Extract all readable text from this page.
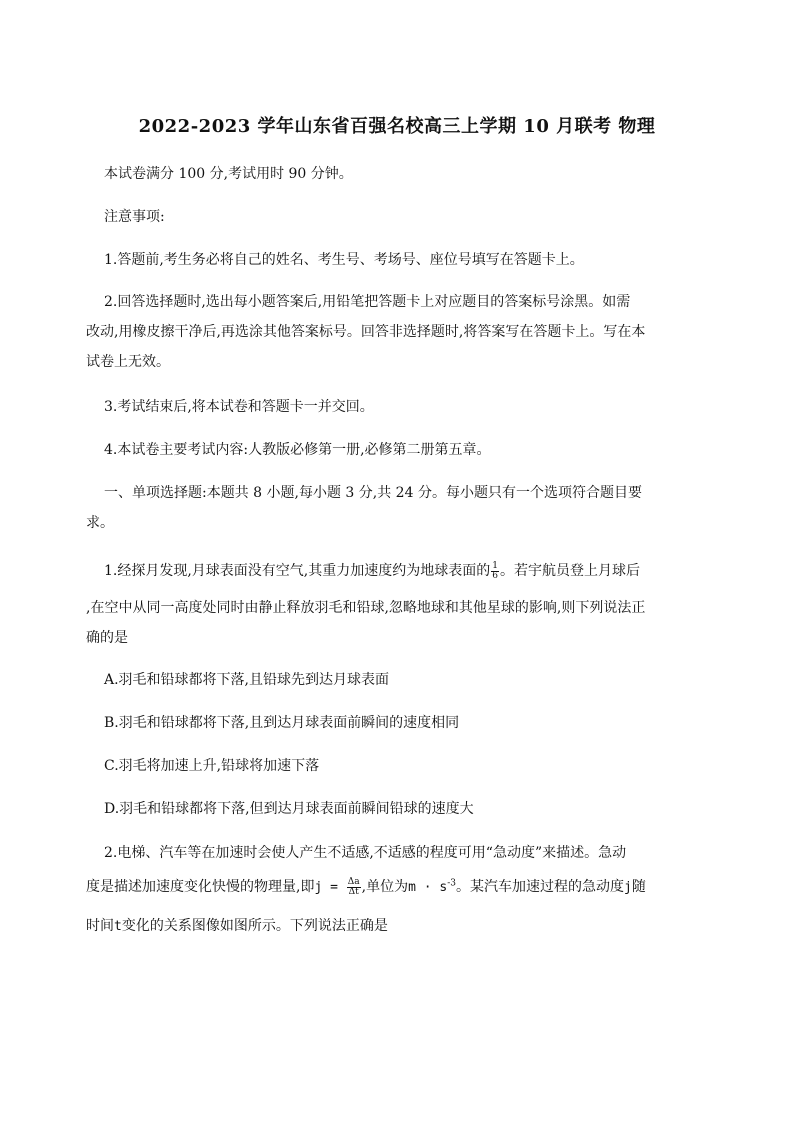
2022-2023 学年山东省百强名校高三上学期 10 月联考 物理
本试卷满分 100 分,考试用时 90 分钟。
注意事项:
1.答题前,考生务必将自己的姓名、考生号、考场号、座位号填写在答题卡上。
2.回答选择题时,选出每小题答案后,用铅笔把答题卡上对应题目的答案标号涂黑。如需
改动,用橡皮擦干净后,再选涂其他答案标号。回答非选择题时,将答案写在答题卡上。写在本
试卷上无效。
3.考试结束后,将本试卷和答题卡一并交回。
4.本试卷主要考试内容:人教版必修第一册,必修第二册第五章。
一、单项选择题:本题共 8 小题,每小题 3 分,共 24 分。每小题只有一个选项符合题目要
求。
1.经探月发现,月球表面没有空气,其重力加速度约为地球表面的 $\frac{1}{6}$ 。若宇航员登上月球后
,在空中从同一高度处同时由静止释放羽毛和铅球,忽略地球和其他星球的影响,则下列说法正
确的是
A.羽毛和铅球都将下落,且铅球先到达月球表面
B.羽毛和铅球都将下落,且到达月球表面前瞬间的速度相同
C.羽毛将加速上升,铅球将加速下落
D.羽毛和铅球都将下落,但到达月球表面前瞬间铅球的速度大
2.电梯、汽车等在加速时会使人产生不适感,不适感的程度可用“急动度”来描述。急动
度是描述加速度变化快慢的物理量,即$j = \frac{\Delta a}{\Delta t}$ ,单位为$m \cdot s^{-3}$。某汽车加速过程的急动度j随
时间t变化的关系图像如图所示。下列说法正确是
